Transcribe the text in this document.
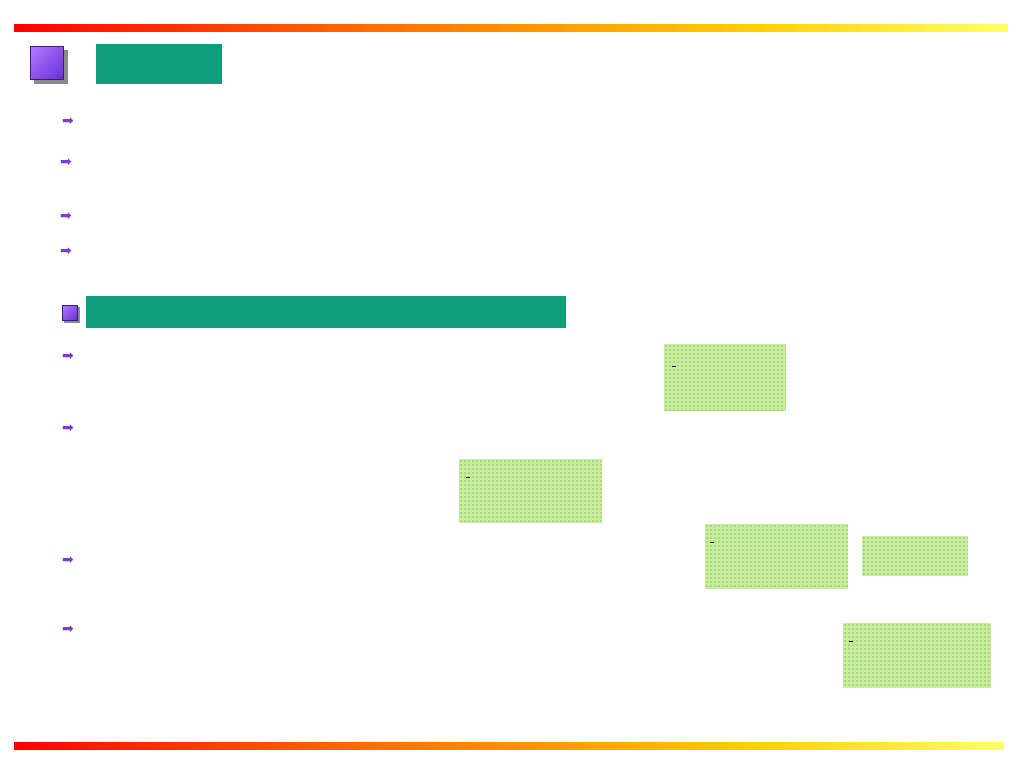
➡
➡
➡
➡
➡
➡
➡
➡
